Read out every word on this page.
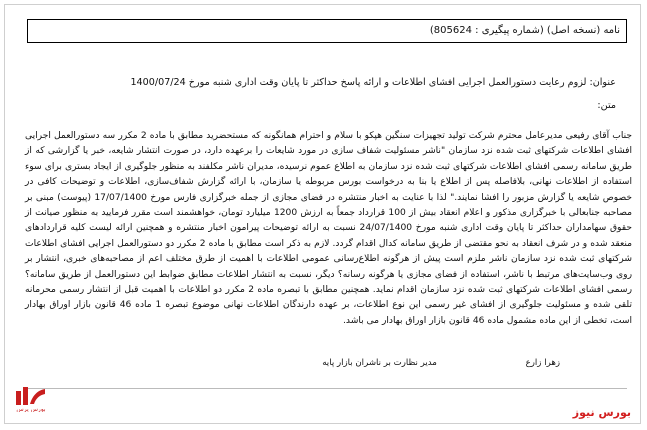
نامه (نسخه اصل) (شماره پیگیری : 805624)
عنوان: لزوم رعایت دستورالعمل اجرایی افشای اطلاعات و ارائه پاسخ حداکثر تا پایان وقت اداری شنبه مورخ 1400/07/24
متن:

جناب آقای رفیعی مدیرعامل محترم شرکت تولید تجهیزات سنگین هپکو با سلام و احترام همانگونه که مستحضرید مطابق با ماده 2 مکرر سه دستورالعمل اجرایی افشای اطلاعات شرکتهای ثبت شده نزد سازمان "ناشر مسئولیت شفاف سازی در مورد شایعات را برعهده دارد، در صورت انتشار شایعه، خبر یا گزارشی که از طریق سامانه رسمی افشای اطلاعات شرکتهای ثبت شده نزد سازمان به اطلاع عموم نرسیده، مدیران ناشر مکلفند به منظور جلوگیری از ایجاد بستری برای سوء استفاده از اطلاعات نهانی، بلافاصله پس از اطلاع یا بنا به درخواست بورس مربوطه یا سازمان، با ارائه گزارش شفاف‌سازی، اطلاعات و توضیحات کافی در خصوص شایعه یا گزارش مزبور را افشا نمایند." لذا با عنایت به اخبار منتشره در فضای مجازی از جمله خبرگزاری فارس مورخ 17/07/1400 (پیوست) مبنی بر مصاحبه جنابعالی با خبرگزاری مذکور و اعلام انعقاد بیش از 100 قرارداد جمعاً به ارزش 1200 میلیارد تومان، خواهشمند است مقرر فرمایید به منظور صیانت از حقوق سهامداران حداکثر تا پایان وقت اداری شنبه مورخ 24/07/1400 نسبت به ارائه توضیحات پیرامون اخبار منتشره و همچنین ارائه لیست کلیه قراردادهای منعقد شده و در شرف انعقاد به نحو مقتضی از طریق سامانه کدال اقدام گردد. لازم به ذکر است مطابق با ماده 2 مکرر دو دستورالعمل اجرایی افشای اطلاعات شرکتهای ثبت شده نزد سازمان ناشر ملزم است پیش از هرگونه اطلاع‌رسانی عمومی اطلاعات با اهمیت از طرق مختلف اعم از مصاحبه‌های خبری، انتشار بر روی وب‌سایت‌های مرتبط با ناشر، استفاده از فضای مجازی یا هرگونه رسانه؟ دیگر، نسبت به انتشار اطلاعات مطابق ضوابط این دستورالعمل از طریق سامانه؟ رسمی افشای اطلاعات شرکتهای ثبت شده نزد سازمان اقدام نماید. همچنین مطابق با تبصره ماده 2 مکرر دو اطلاعات با اهمیت قبل از انتشار رسمی محرمانه تلقی شده و مسئولیت جلوگیری از افشای غیر رسمی این نوع اطلاعات، بر عهده دارندگان اطلاعات نهانی موضوع تبصره 1 ماده 46 قانون بازار اوراق بهادار است، تخطی از این ماده مشمول ماده 46 قانون بازار اوراق بهادار می باشد.

زهرا زارع مدیر نظارت بر ناشران بازار پایه
بورس پرس	بورس نیوز
